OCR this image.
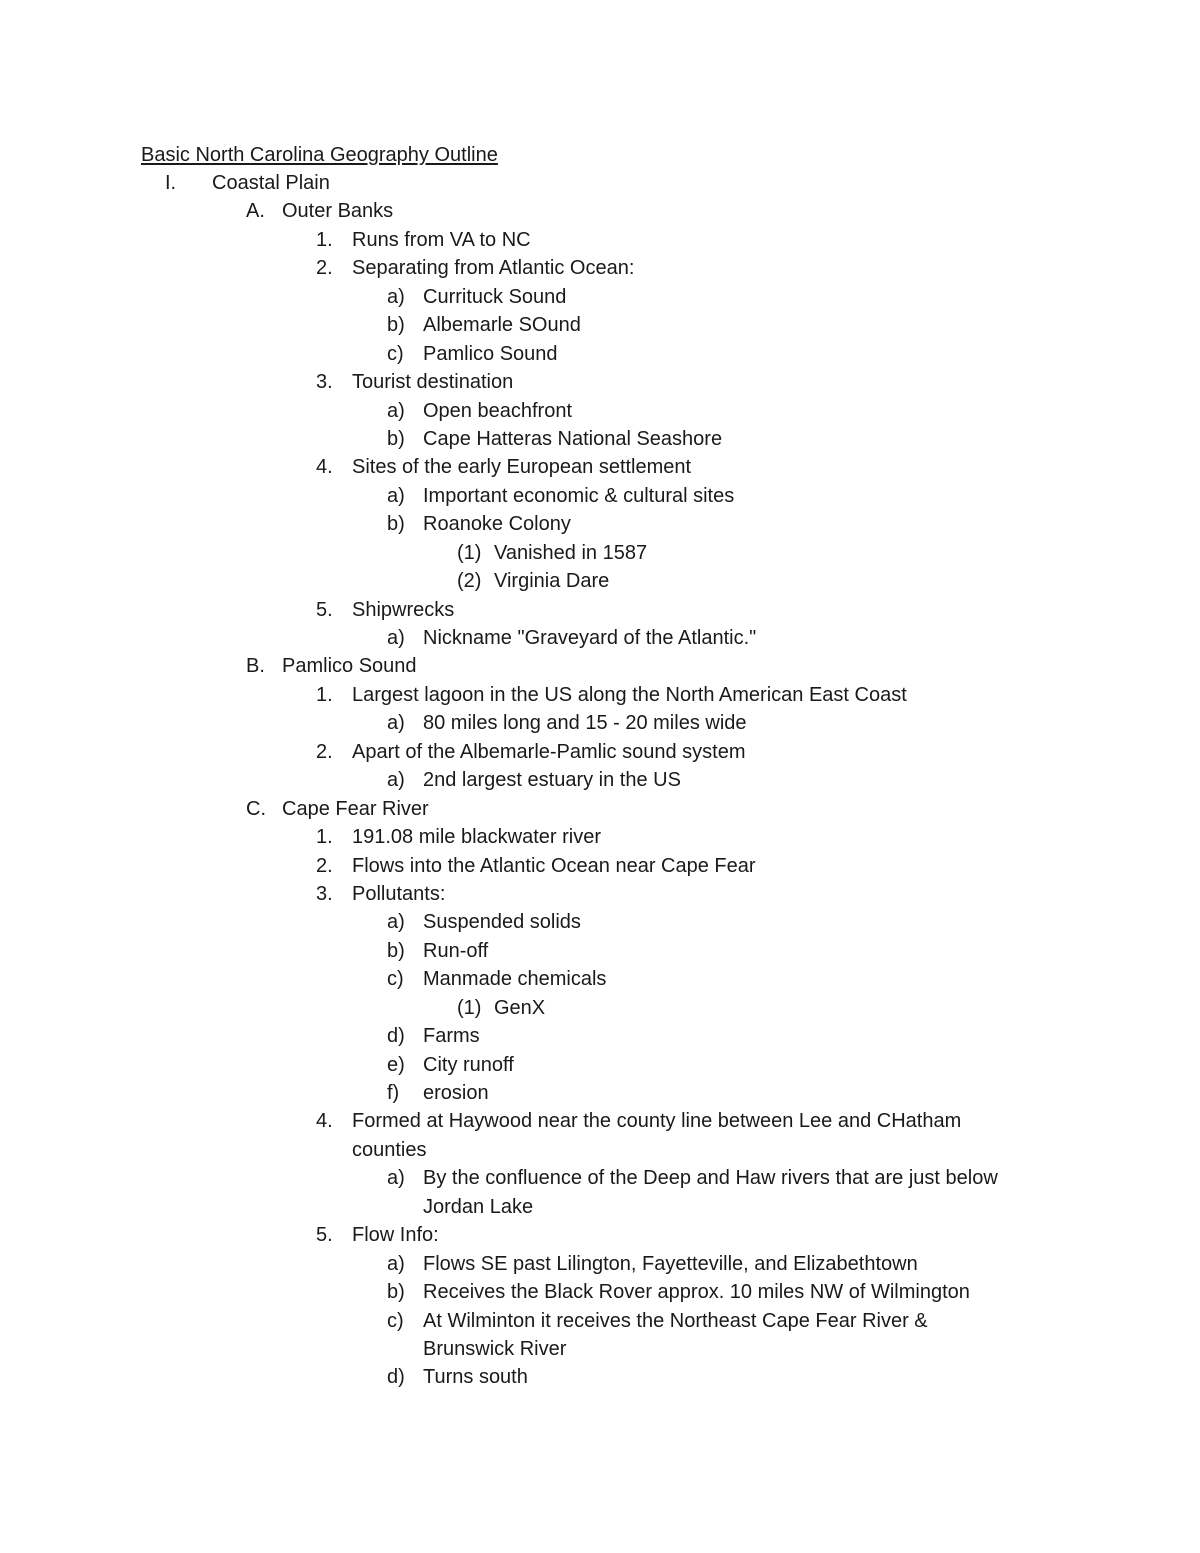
Basic North Carolina Geography Outline
I. Coastal Plain
A. Outer Banks
1. Runs from VA to NC
2. Separating from Atlantic Ocean:
a) Currituck Sound
b) Albemarle SOund
c) Pamlico Sound
3. Tourist destination
a) Open beachfront
b) Cape Hatteras National Seashore
4. Sites of the early European settlement
a) Important economic & cultural sites
b) Roanoke Colony
(1) Vanished in 1587
(2) Virginia Dare
5. Shipwrecks
a) Nickname "Graveyard of the Atlantic."
B. Pamlico Sound
1. Largest lagoon in the US along the North American East Coast
a) 80 miles long and 15 - 20 miles wide
2. Apart of the Albemarle-Pamlic sound system
a) 2nd largest estuary in the US
C. Cape Fear River
1. 191.08 mile blackwater river
2. Flows into the Atlantic Ocean near Cape Fear
3. Pollutants:
a) Suspended solids
b) Run-off
c) Manmade chemicals
(1) GenX
d) Farms
e) City runoff
f) erosion
4. Formed at Haywood near the county line between Lee and CHatham
counties
a) By the confluence of the Deep and Haw rivers that are just below
Jordan Lake
5. Flow Info:
a) Flows SE past Lilington, Fayetteville, and Elizabethtown
b) Receives the Black Rover approx. 10 miles NW of Wilmington
c) At Wilminton it receives the Northeast Cape Fear River &
Brunswick River
d) Turns south
